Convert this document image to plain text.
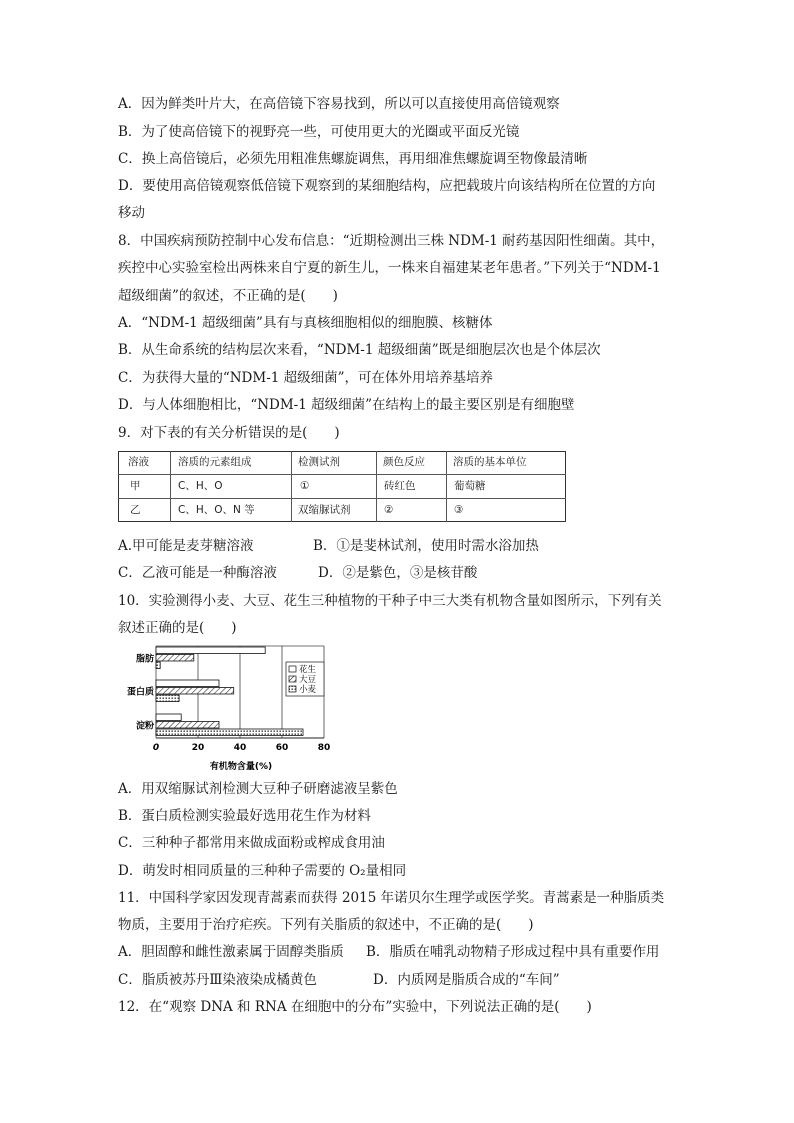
A．因为鲜类叶片大，在高倍镜下容易找到，所以可以直接使用高倍镜观察
B．为了使高倍镜下的视野亮一些，可使用更大的光圈或平面反光镜
C．换上高倍镜后，必须先用粗准焦螺旋调焦，再用细准焦螺旋调至物像最清晰
D．要使用高倍镜观察低倍镜下观察到的某细胞结构，应把载玻片向该结构所在位置的方向
移动
8．中国疾病预防控制中心发布信息：“近期检测出三株 NDM-1 耐药基因阳性细菌。其中，
疾控中心实验室检出两株来自宁夏的新生儿，一株来自福建某老年患者。”下列关于“NDM-1
超级细菌”的叙述，不正确的是(　　)
A．“NDM-1 超级细菌”具有与真核细胞相似的细胞膜、核糖体
B．从生命系统的结构层次来看，“NDM-1 超级细菌”既是细胞层次也是个体层次
C．为获得大量的“NDM-1 超级细菌”，可在体外用培养基培养
D．与人体细胞相比，“NDM-1 超级细菌”在结构上的最主要区别是有细胞壁
9．对下表的有关分析错误的是(　　)
溶液	溶质的元素组成	检测试剂	颜色反应	溶质的基本单位
甲	C、H、O	①	砖红色	葡萄糖
乙	C、H、O、N 等	双缩脲试剂	②	③
A.甲可能是麦芽糖溶液	B．①是斐林试剂，使用时需水浴加热
C．乙液可能是一种酶溶液	D．②是紫色，③是核苷酸
10．实验测得小麦、大豆、花生三种植物的干种子中三大类有机物含量如图所示，下列有关
叙述正确的是(　　)
脂肪
蛋白质
淀粉
0	20	40	60	80
有机物含量(%)
花生
大豆
小麦
A．用双缩脲试剂检测大豆种子研磨滤液呈紫色
B．蛋白质检测实验最好选用花生作为材料
C．三种种子都常用来做成面粉或榨成食用油
D．萌发时相同质量的三种种子需要的 O₂量相同
11．中国科学家因发现青蒿素而获得 2015 年诺贝尔生理学或医学奖。青蒿素是一种脂质类
物质，主要用于治疗疟疾。下列有关脂质的叙述中，不正确的是(　　)
A．胆固醇和雌性激素属于固醇类脂质 B．脂质在哺乳动物精子形成过程中具有重要作用
C．脂质被苏丹Ⅲ染液染成橘黄色	D．内质网是脂质合成的“车间”
12．在“观察 DNA 和 RNA 在细胞中的分布”实验中，下列说法正确的是(　　)
